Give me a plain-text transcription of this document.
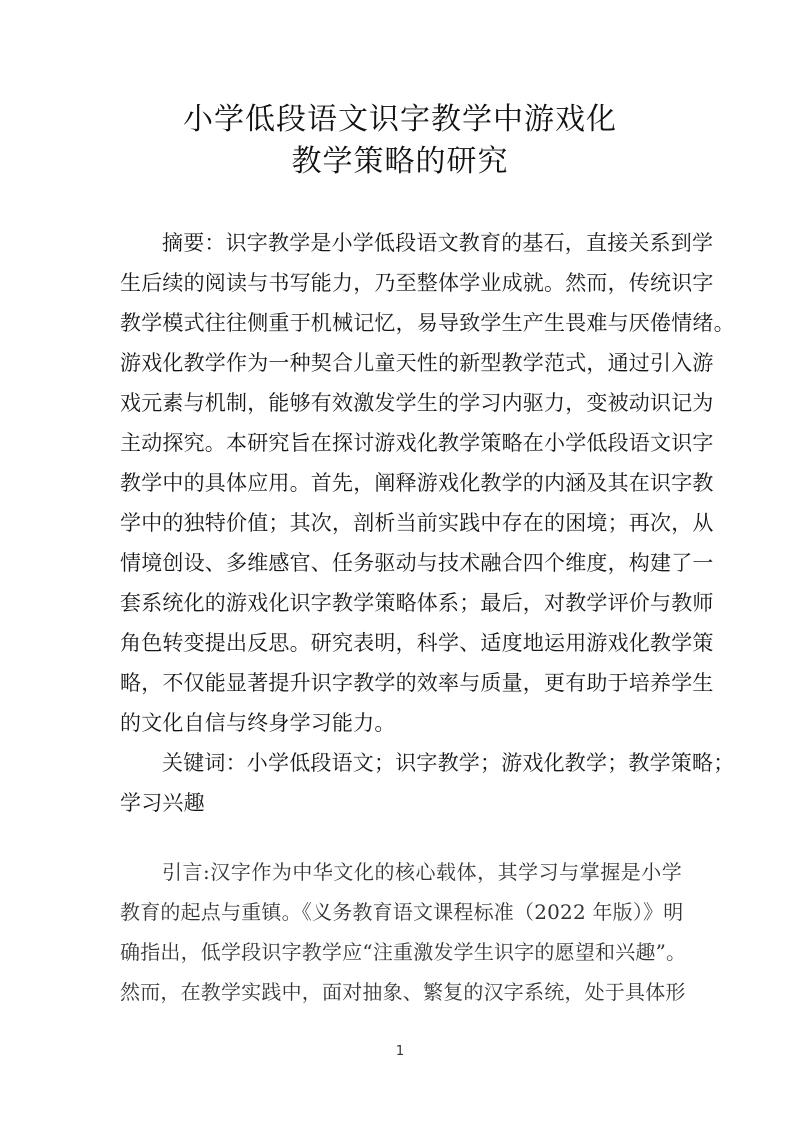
小学低段语文识字教学中游戏化
教学策略的研究
摘要：识字教学是小学低段语文教育的基石，直接关系到学
生后续的阅读与书写能力，乃至整体学业成就。然而，传统识字
教学模式往往侧重于机械记忆，易导致学生产生畏难与厌倦情绪。
游戏化教学作为一种契合儿童天性的新型教学范式，通过引入游
戏元素与机制，能够有效激发学生的学习内驱力，变被动识记为
主动探究。本研究旨在探讨游戏化教学策略在小学低段语文识字
教学中的具体应用。首先，阐释游戏化教学的内涵及其在识字教
学中的独特价值；其次，剖析当前实践中存在的困境；再次，从
情境创设、多维感官、任务驱动与技术融合四个维度，构建了一
套系统化的游戏化识字教学策略体系；最后，对教学评价与教师
角色转变提出反思。研究表明，科学、适度地运用游戏化教学策
略，不仅能显著提升识字教学的效率与质量，更有助于培养学生
的文化自信与终身学习能力。
关键词：小学低段语文；识字教学；游戏化教学；教学策略；
学习兴趣
引言:汉字作为中华文化的核心载体，其学习与掌握是小学
教育的起点与重镇。《义务教育语文课程标准（2022 年版）》明
确指出，低学段识字教学应“注重激发学生识字的愿望和兴趣”。
然而，在教学实践中，面对抽象、繁复的汉字系统，处于具体形
1
